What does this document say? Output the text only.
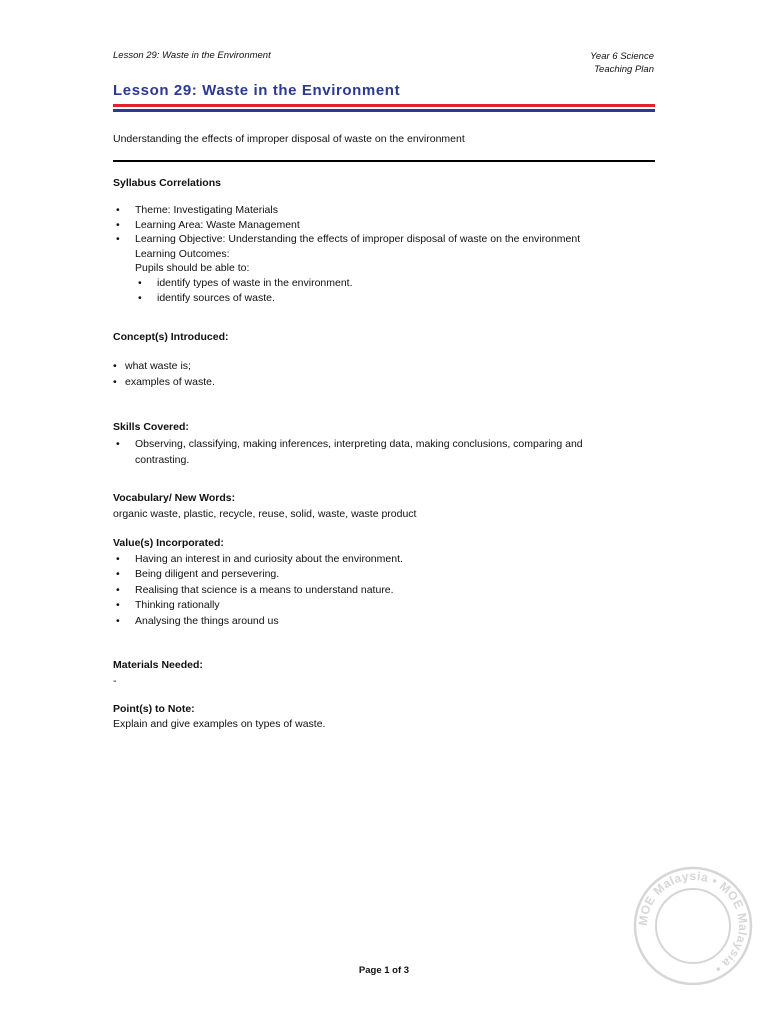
Lesson 29: Waste in the Environment	Year 6 Science
Teaching Plan
Lesson 29: Waste in the Environment
Understanding the effects of improper disposal of waste on the environment
Syllabus Correlations
• Theme: Investigating Materials
• Learning Area: Waste Management
• Learning Objective: Understanding the effects of improper disposal of waste on the environment
Learning Outcomes:
Pupils should be able to:
• identify types of waste in the environment.
• identify sources of waste.
Concept(s) Introduced:
• what waste is;
• examples of waste.
Skills Covered:
• Observing, classifying, making inferences, interpreting data, making conclusions, comparing and
contrasting.
Vocabulary/ New Words:
organic waste, plastic, recycle, reuse, solid, waste, waste product
Value(s) Incorporated:
• Having an interest in and curiosity about the environment.
• Being diligent and persevering.
• Realising that science is a means to understand nature.
• Thinking rationally
• Analysing the things around us
Materials Needed:
-
Point(s) to Note:
Explain and give examples on types of waste.
Page 1 of 3
MOE Malaysia • MOE Malaysia •
